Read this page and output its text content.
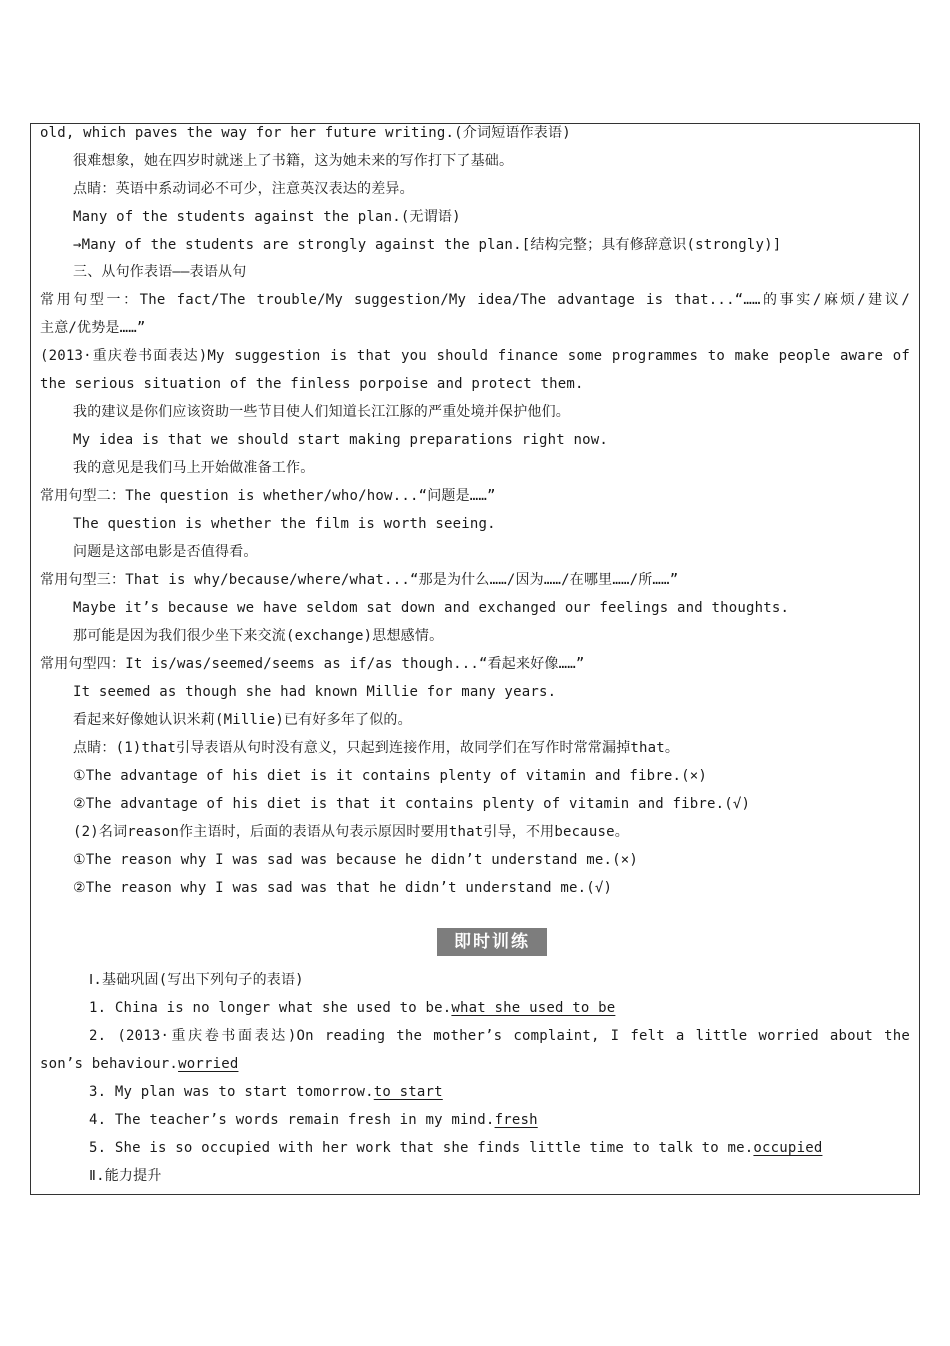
old, which paves the way for her future writing.(介词短语作表语)
很难想象，她在四岁时就迷上了书籍，这为她未来的写作打下了基础。
点睛：英语中系动词必不可少，注意英汉表达的差异。
Many of the students against the plan.(无谓语)
→Many of the students are strongly against the plan.[结构完整；具有修辞意识(strongly)]
三、从句作表语——表语从句
常用句型一：The fact/The trouble/My suggestion/My idea/The advantage is that...“……的事实/麻烦/建议/
主意/优势是……”
(2013·重庆卷书面表达)My suggestion is that you should finance some programmes to make people aware of
the serious situation of the finless porpoise and protect them.
我的建议是你们应该资助一些节目使人们知道长江江豚的严重处境并保护他们。
My idea is that we should start making preparations right now.
我的意见是我们马上开始做准备工作。
常用句型二：The question is whether/who/how...“问题是……”
The question is whether the film is worth seeing.
问题是这部电影是否值得看。
常用句型三：That is why/because/where/what...“那是为什么……/因为……/在哪里……/所……”
Maybe it’s because we have seldom sat down and exchanged our feelings and thoughts.
那可能是因为我们很少坐下来交流(exchange)思想感情。
常用句型四：It is/was/seemed/seems as if/as though...“看起来好像……”
It seemed as though she had known Millie for many years.
看起来好像她认识米莉(Millie)已有好多年了似的。
点睛：(1)that引导表语从句时没有意义，只起到连接作用，故同学们在写作时常常漏掉that。
①The advantage of his diet is it contains plenty of vitamin and fibre.(×)
②The advantage of his diet is that it contains plenty of vitamin and fibre.(√)
(2)名词reason作主语时，后面的表语从句表示原因时要用that引导，不用because。
①The reason why I was sad was because he didn’t understand me.(×)
②The reason why I was sad was that he didn’t understand me.(√)
即时训练
Ⅰ.基础巩固(写出下列句子的表语)
1. China is no longer what she used to be.what she used to be
2. (2013·重庆卷书面表达)On reading the mother’s complaint, I felt a little worried about the
son’s behaviour.worried
3. My plan was to start tomorrow.to start
4. The teacher’s words remain fresh in my mind.fresh
5. She is so occupied with her work that she finds little time to talk to me.occupied
Ⅱ.能力提升
